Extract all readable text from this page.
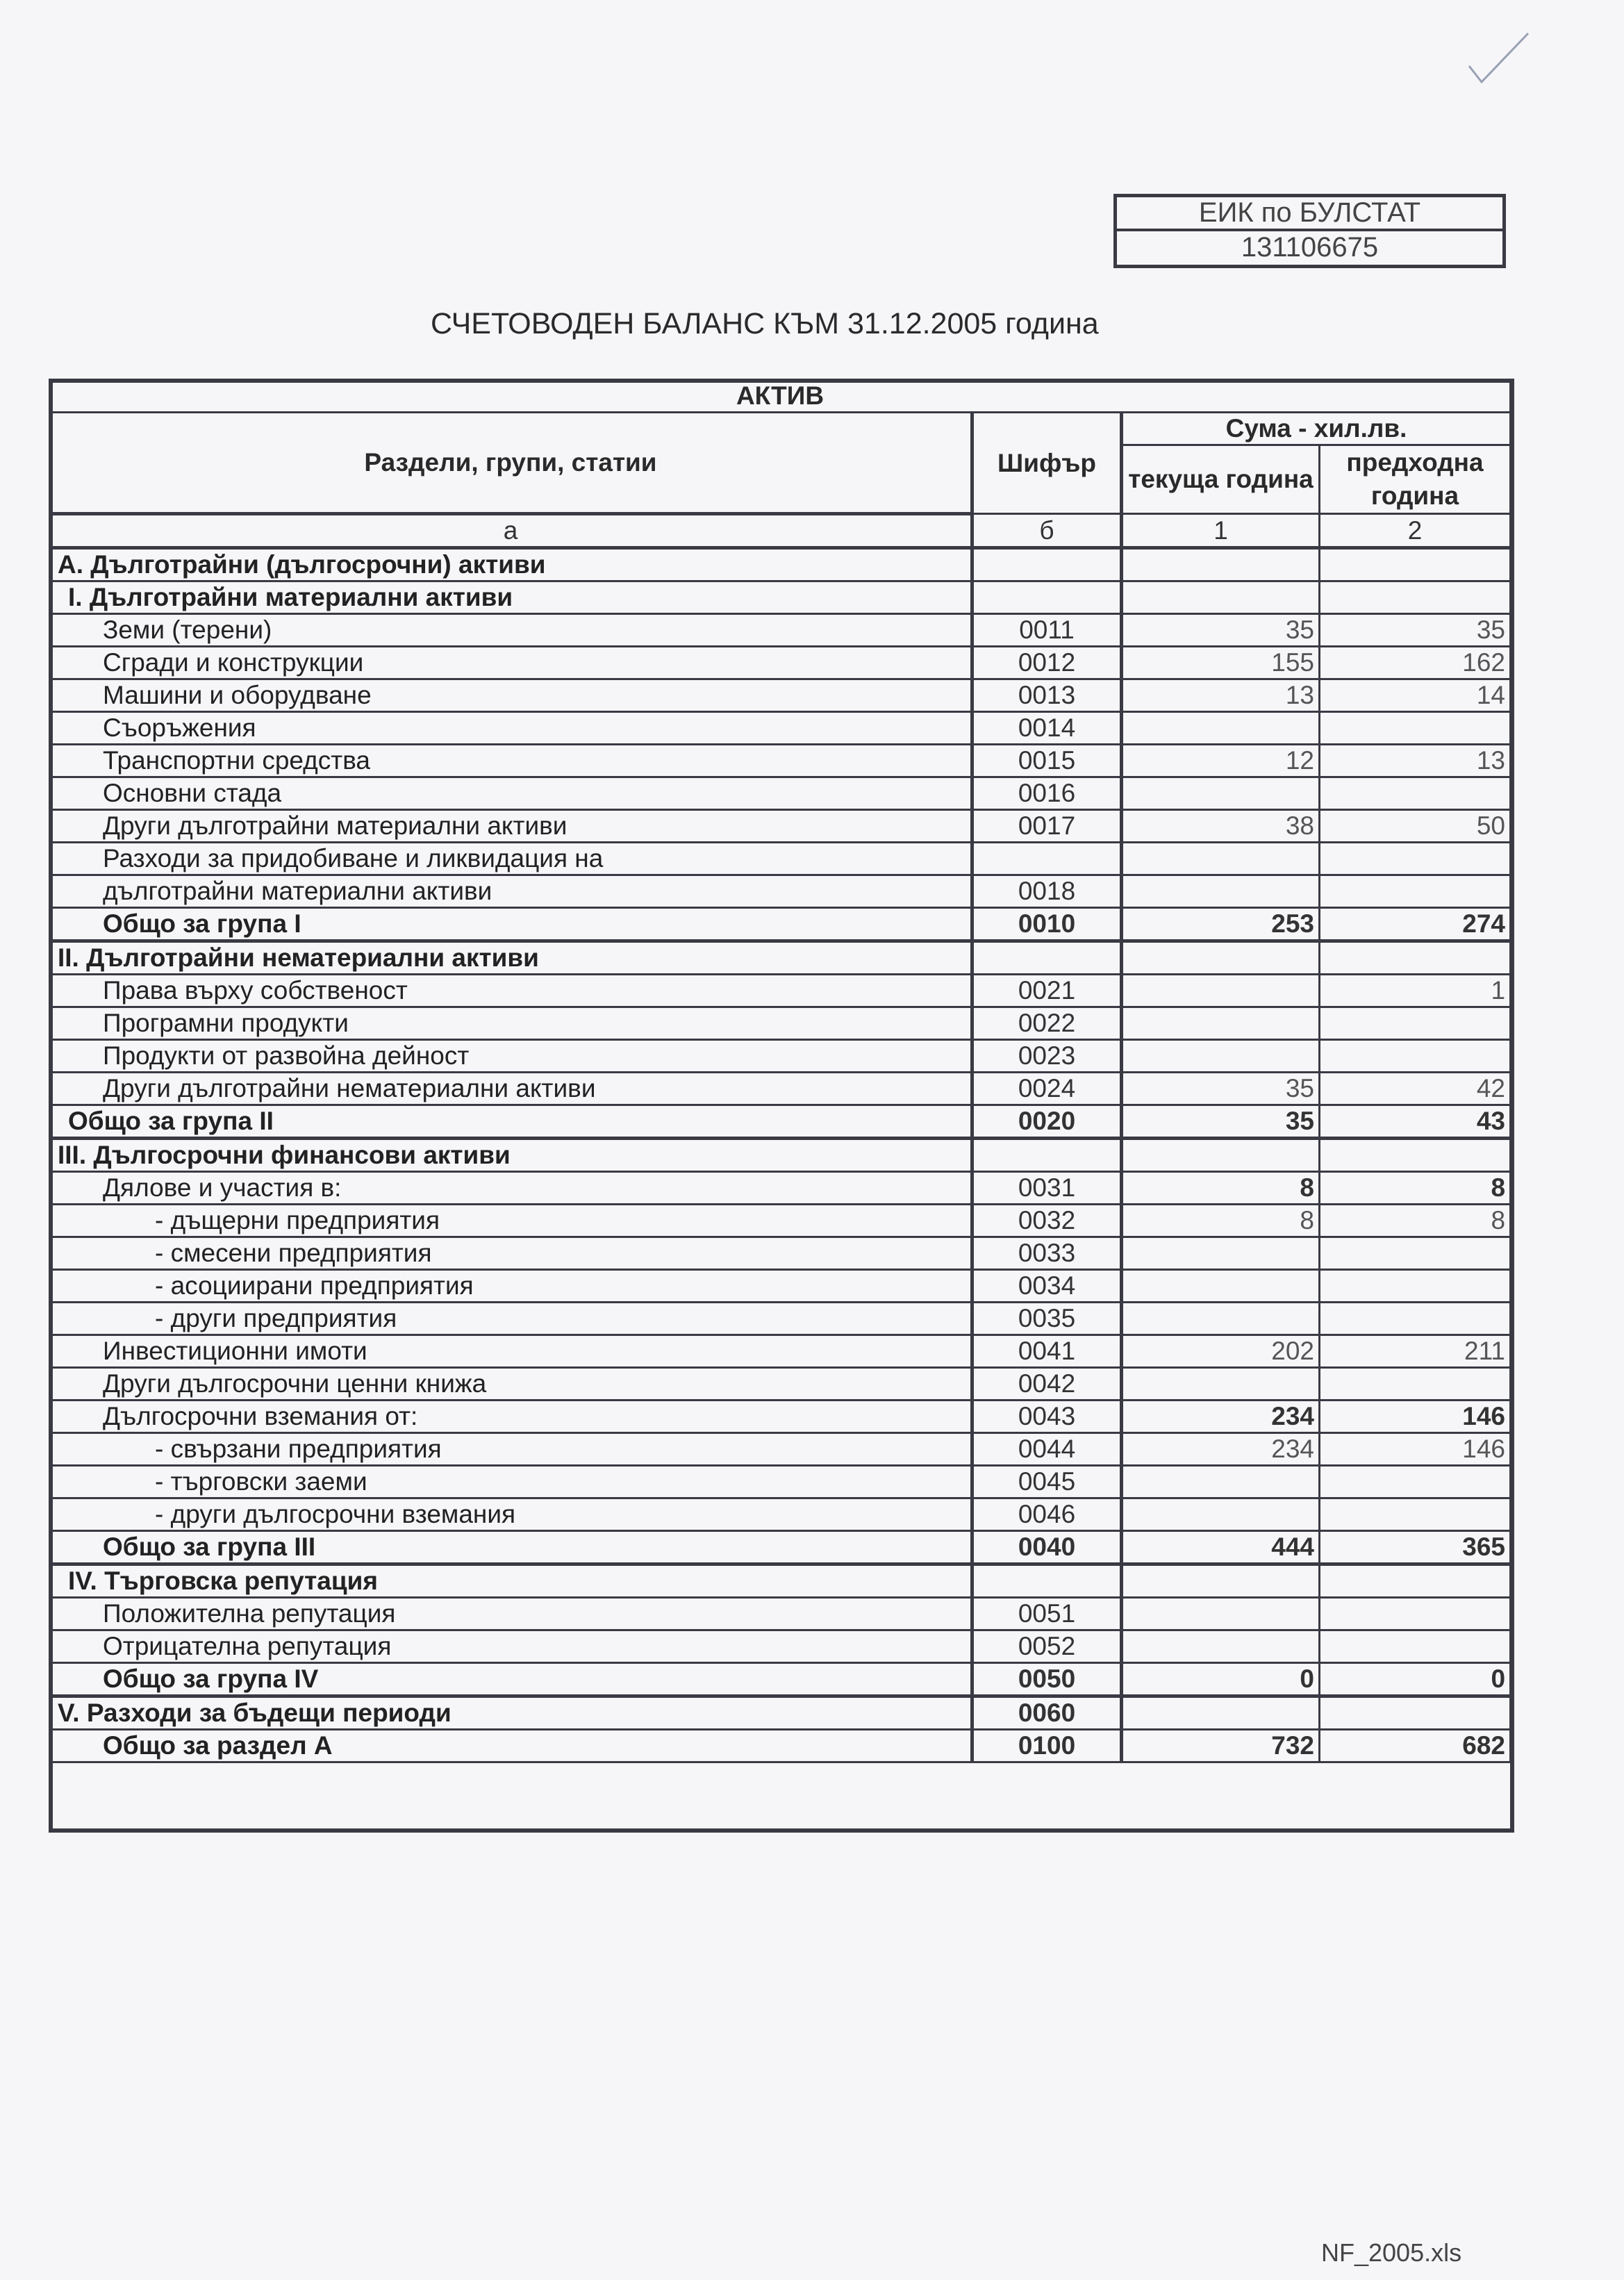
ЕИК по БУЛСТАТ
131106675
СЧЕТОВОДЕН БАЛАНС КЪМ 31.12.2005 година
АКТИВ			
Раздели, групи, статии	Шифър	Сума - хил.лв.	
		текуща година	предходна година
а	б	1	2
А. Дълготрайни (дългосрочни) активи			
I. Дълготрайни материални активи			
Земи (терени)	0011	35	35
Сгради и конструкции	0012	155	162
Машини и оборудване	0013	13	14
Съоръжения	0014		
Транспортни средства	0015	12	13
Основни стада	0016		
Други дълготрайни материални активи	0017	38	50
Разходи за придобиване и ликвидация на			
дълготрайни материални активи	0018		
Общо за група I	0010	253	274
II. Дълготрайни нематериални активи			
Права върху собственост	0021		1
Програмни продукти	0022		
Продукти от развойна дейност	0023		
Други дълготрайни нематериални активи	0024	35	42
Общо за група II	0020	35	43
III. Дългосрочни финансови активи			
Дялове и участия в:	0031	8	8
- дъщерни предприятия	0032	8	8
- смесени предприятия	0033		
- асоциирани предприятия	0034		
- други предприятия	0035		
Инвестиционни имоти	0041	202	211
Други дългосрочни ценни книжа	0042		
Дългосрочни вземания от:	0043	234	146
- свързани предприятия	0044	234	146
- търговски заеми	0045		
- други дългосрочни вземания	0046		
Общо за група III	0040	444	365
IV. Търговска репутация			
Положителна репутация	0051		
Отрицателна репутация	0052		
Общо за група IV	0050	0	0
V. Разходи за бъдещи периоди	0060		
Общо за раздел А	0100	732	682
NF_2005.xls
